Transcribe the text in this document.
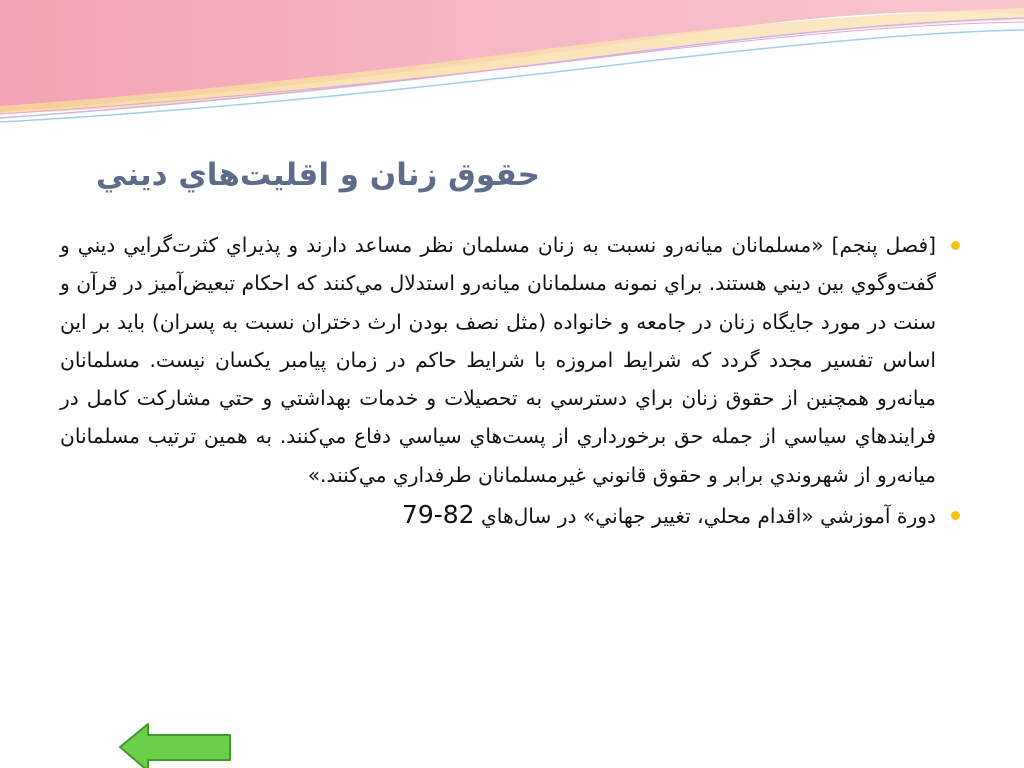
حقوق زنان و اقليت‌هاي ديني
[فصل پنجم] «مسلمانان ميانه‌رو نسبت به زنان مسلمان نظر مساعد دارند و پذيراي كثرت‌گرايي ديني و گفت‌وگوي بين ديني هستند. براي نمونه مسلمانان ميانه‌رو استدلال مي‌كنند كه احكام تبعيض‌آميز در قرآن و سنت در مورد جايگاه زنان در جامعه و خانواده (مثل نصف بودن ارث دختران نسبت به پسران) بايد بر اين اساس تفسير مجدد گردد كه شرايط امروزه با شرايط حاكم در زمان پيامبر يكسان نيست. مسلمانان ميانه‌رو همچنين از حقوق زنان براي دسترسي به تحصيلات و خدمات بهداشتي و حتي مشاركت كامل در فرايندهاي سياسي از جمله حق برخورداري از پست‌هاي سياسي دفاع مي‌كنند. به همين ترتيب مسلمانان ميانه‌رو از شهروندي برابر و حقوق قانوني غيرمسلمانان طرفداري مي‌كنند.»
دورة آموزشي «اقدام محلي، تغيير جهاني» در سال‌هاي 79-82
